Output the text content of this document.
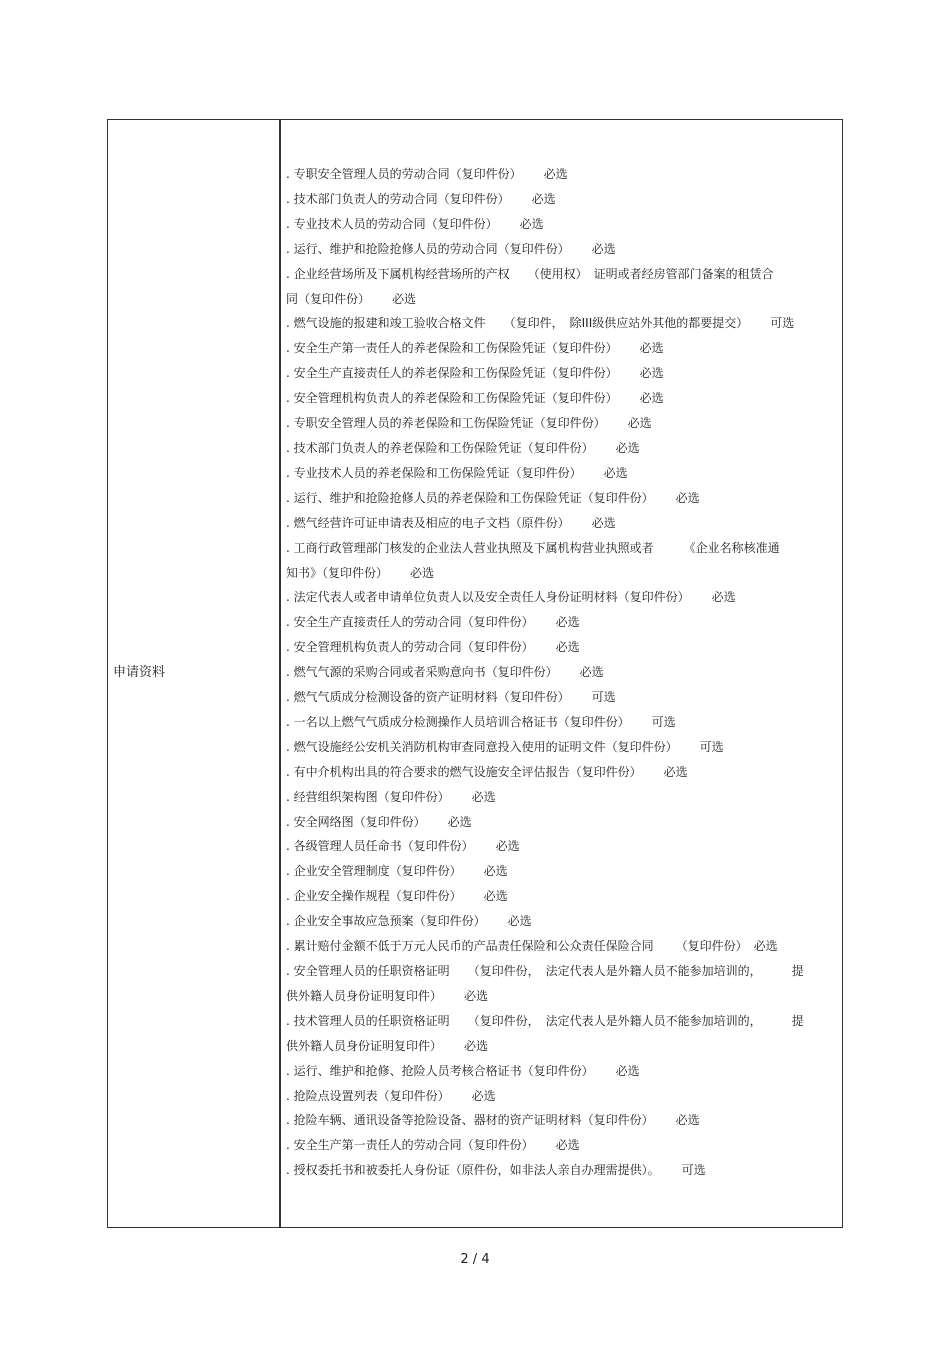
申请资料
. 专职安全管理人员的劳动合同（复印件份） 必选
. 技术部门负责人的劳动合同（复印件份） 必选
. 专业技术人员的劳动合同（复印件份） 必选
. 运行、维护和抢险抢修人员的劳动合同（复印件份） 必选
. 企业经营场所及下属机构经营场所的产权　　（使用权）　证明或者经房管部门备案的租赁合
同（复印件份） 必选
. 燃气设施的报建和竣工验收合格文件　　（复印件，　除III级供应站外其他的都要提交） 可选
. 安全生产第一责任人的养老保险和工伤保险凭证（复印件份） 必选
. 安全生产直接责任人的养老保险和工伤保险凭证（复印件份） 必选
. 安全管理机构负责人的养老保险和工伤保险凭证（复印件份） 必选
. 专职安全管理人员的养老保险和工伤保险凭证（复印件份） 必选
. 技术部门负责人的养老保险和工伤保险凭证（复印件份） 必选
. 专业技术人员的养老保险和工伤保险凭证（复印件份） 必选
. 运行、维护和抢险抢修人员的养老保险和工伤保险凭证（复印件份） 必选
. 燃气经营许可证申请表及相应的电子文档（原件份） 必选
. 工商行政管理部门核发的企业法人营业执照及下属机构营业执照或者　　　《企业名称核准通
知书》（复印件份） 必选
. 法定代表人或者申请单位负责人以及安全责任人身份证明材料（复印件份） 必选
. 安全生产直接责任人的劳动合同（复印件份） 必选
. 安全管理机构负责人的劳动合同（复印件份） 必选
. 燃气气源的采购合同或者采购意向书（复印件份） 必选
. 燃气气质成分检测设备的资产证明材料（复印件份） 可选
. 一名以上燃气气质成分检测操作人员培训合格证书（复印件份） 可选
. 燃气设施经公安机关消防机构审查同意投入使用的证明文件（复印件份） 可选
. 有中介机构出具的符合要求的燃气设施安全评估报告（复印件份） 必选
. 经营组织架构图（复印件份） 必选
. 安全网络图（复印件份） 必选
. 各级管理人员任命书（复印件份） 必选
. 企业安全管理制度（复印件份） 必选
. 企业安全操作规程（复印件份） 必选
. 企业安全事故应急预案（复印件份） 必选
. 累计赔付金额不低于万元人民币的产品责任保险和公众责任保险合同 （复印件份）　必选
. 安全管理人员的任职资格证明　　（复印件份，　法定代表人是外籍人员不能参加培训的，　　　提
供外籍人员身份证明复印件） 必选
. 技术管理人员的任职资格证明　　（复印件份，　法定代表人是外籍人员不能参加培训的，　　　提
供外籍人员身份证明复印件） 必选
. 运行、维护和抢修、抢险人员考核合格证书（复印件份） 必选
. 抢险点设置列表（复印件份） 必选
. 抢险车辆、通讯设备等抢险设备、器材的资产证明材料（复印件份） 必选
. 安全生产第一责任人的劳动合同（复印件份） 必选
. 授权委托书和被委托人身份证（原件份，如非法人亲自办理需提供）。 可选
2 / 4
